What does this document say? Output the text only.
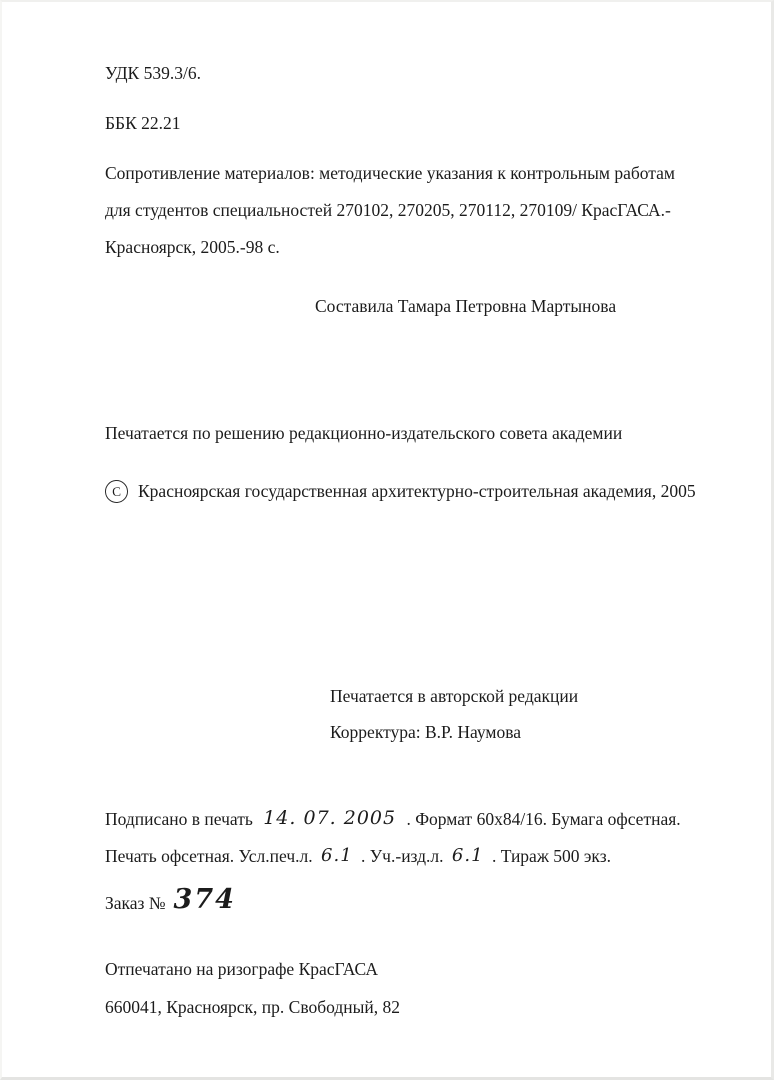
УДК 539.3/6.
ББК 22.21
Сопротивление материалов: методические указания к контрольным работам для студентов специальностей 270102, 270205, 270112, 270109/ КрасГАСА.- Красноярск, 2005.-98 с.
Составила Тамара Петровна Мартынова
Печатается по решению редакционно-издательского совета академии
С Красноярская государственная архитектурно-строительная академия, 2005
Печатается в авторской редакции
Корректура: В.Р. Наумова
Подписано в печать 14. 07. 2005 . Формат 60х84/16. Бумага офсетная.
Печать офсетная. Усл.печ.л. 6.1 . Уч.-изд.л. 6.1 . Тираж 500 экз.
Заказ № 374
Отпечатано на ризографе КрасГАСА
660041, Красноярск, пр. Свободный, 82
